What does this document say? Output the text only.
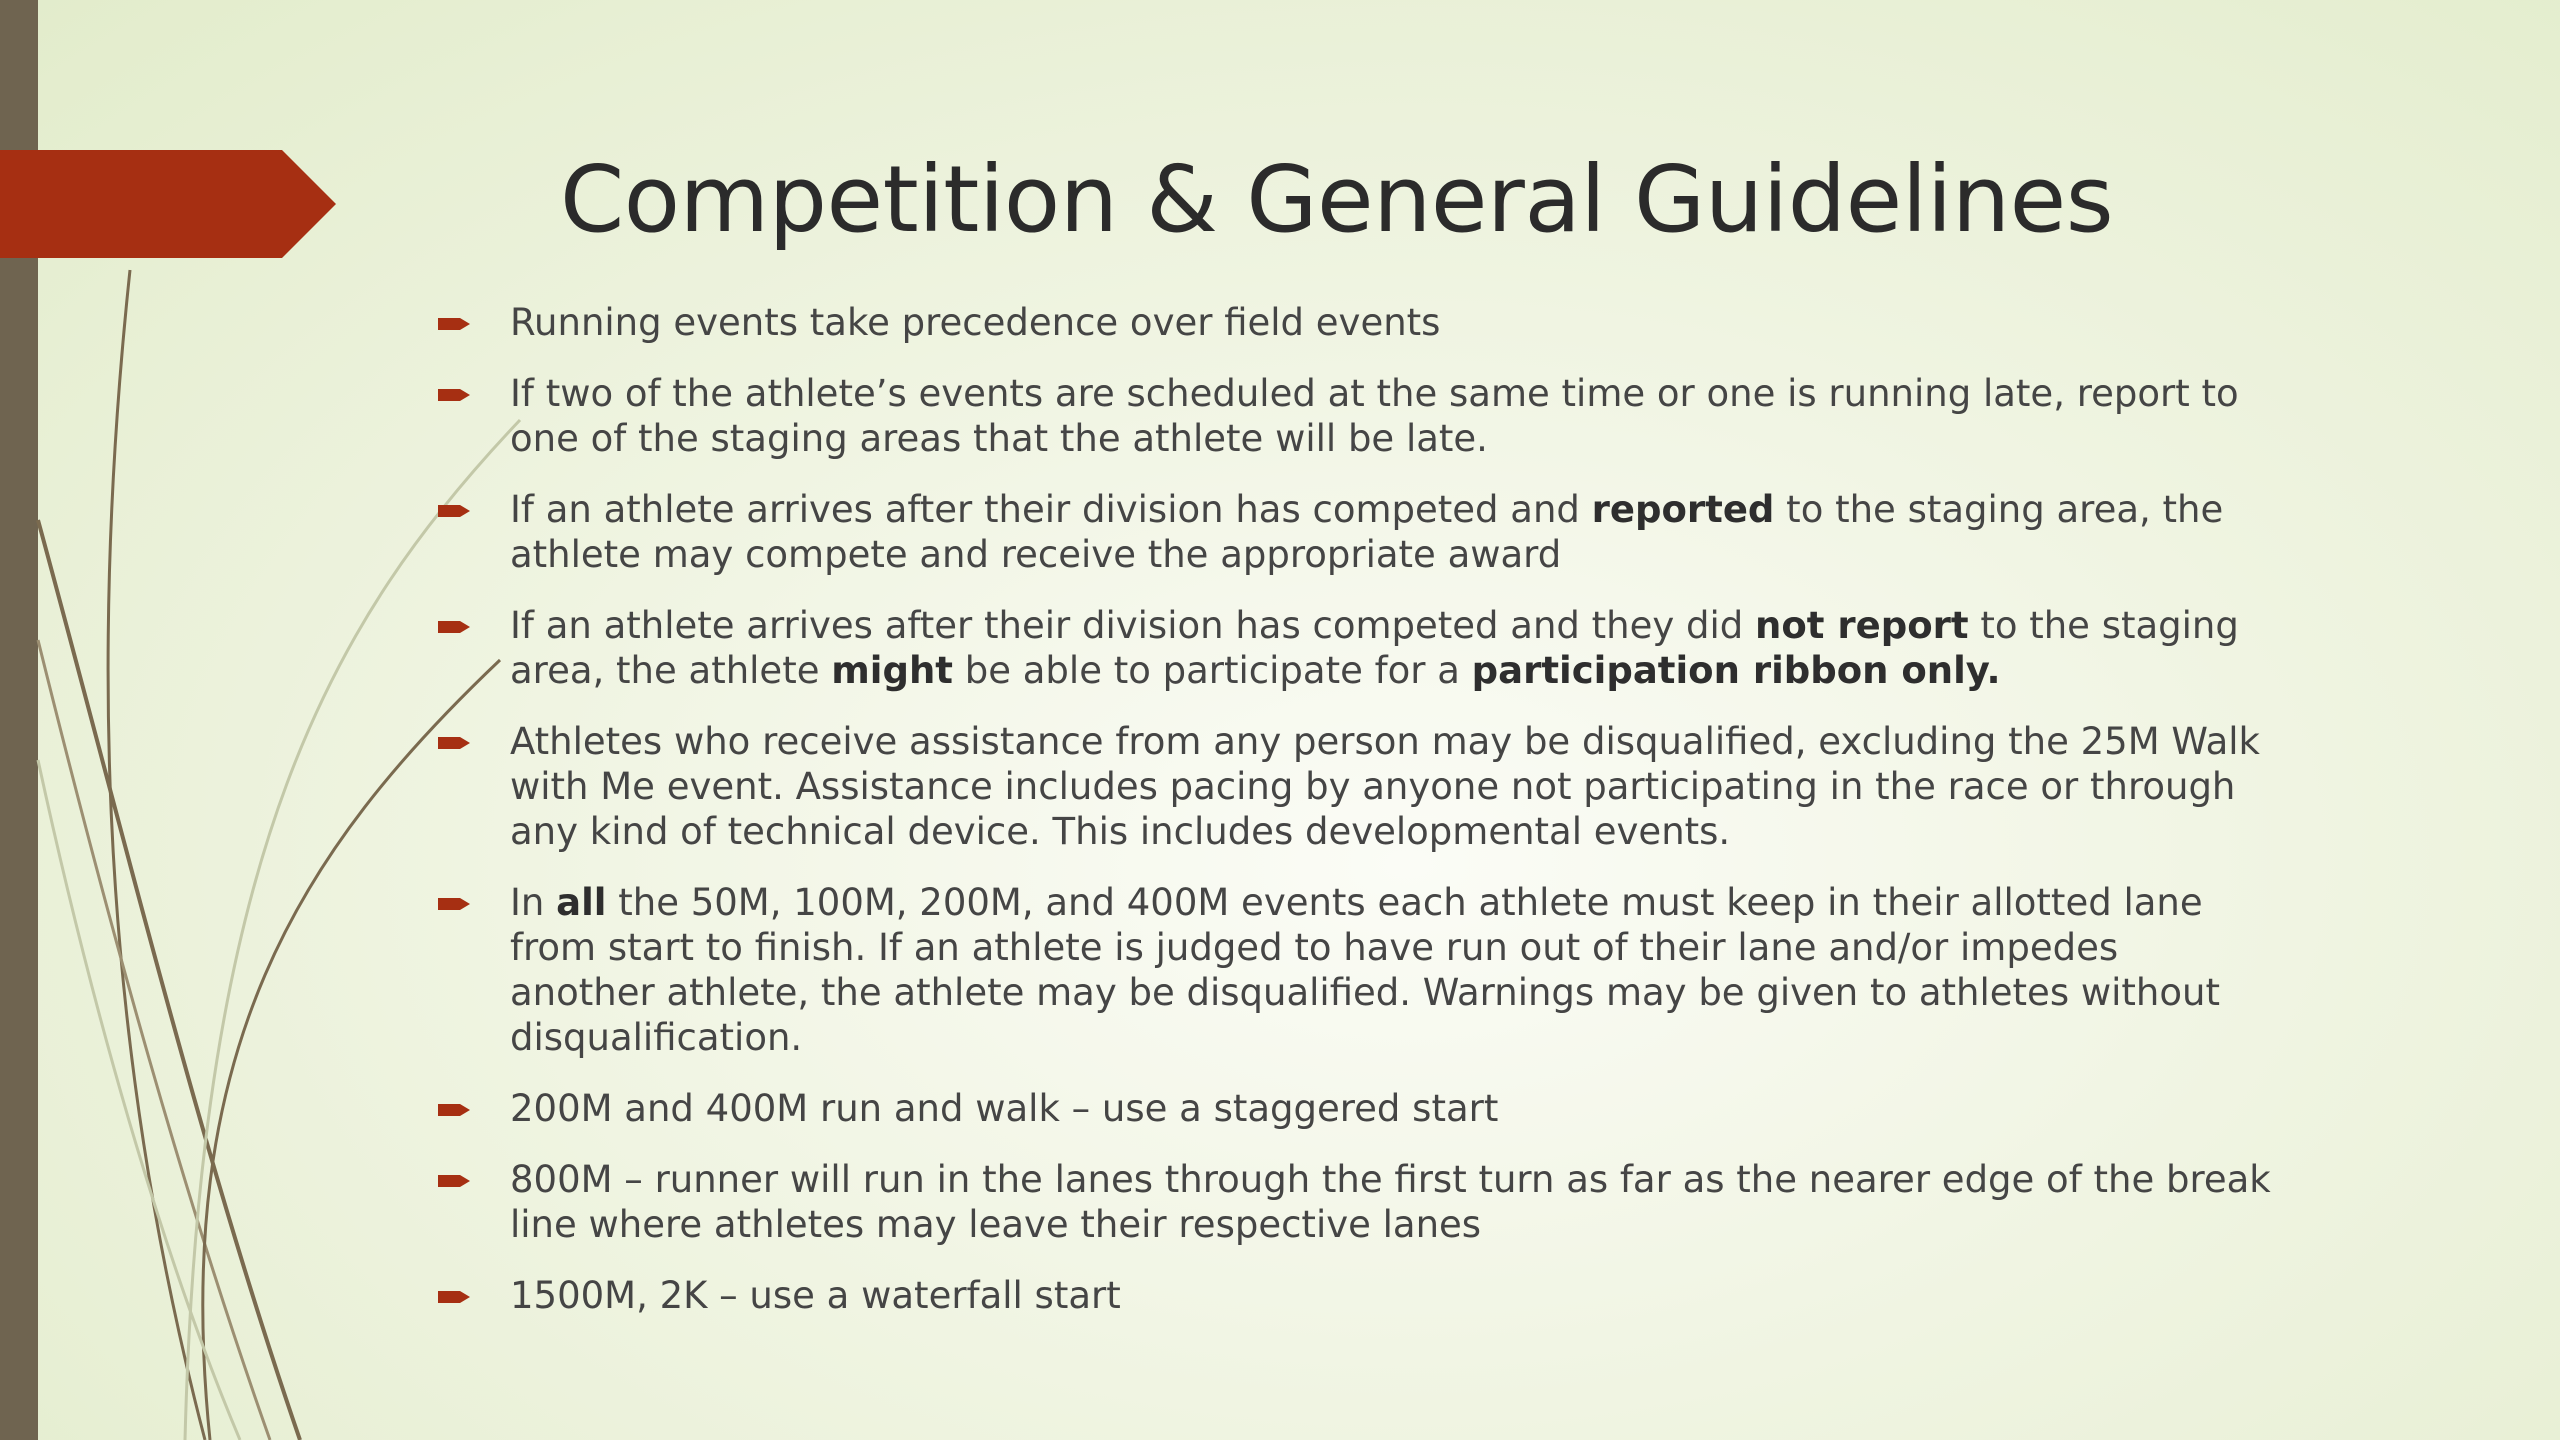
Competition & General Guidelines
Running events take precedence over field events
If two of the athlete’s events are scheduled at the same time or one is running late, report to one of the staging areas that the athlete will be late.
If an athlete arrives after their division has competed and reported to the staging area, the athlete may compete and receive the appropriate award
If an athlete arrives after their division has competed and they did not report to the staging area, the athlete might be able to participate for a participation ribbon only.
Athletes who receive assistance from any person may be disqualified, excluding the 25M Walk with Me event. Assistance includes pacing by anyone not participating in the race or through any kind of technical device. This includes developmental events.
In all the 50M, 100M, 200M, and 400M events each athlete must keep in their allotted lane from start to finish. If an athlete is judged to have run out of their lane and/or impedes another athlete, the athlete may be disqualified. Warnings may be given to athletes without disqualification.
200M and 400M run and walk – use a staggered start
800M – runner will run in the lanes through the first turn as far as the nearer edge of the break line where athletes may leave their respective lanes
1500M, 2K – use a waterfall start
